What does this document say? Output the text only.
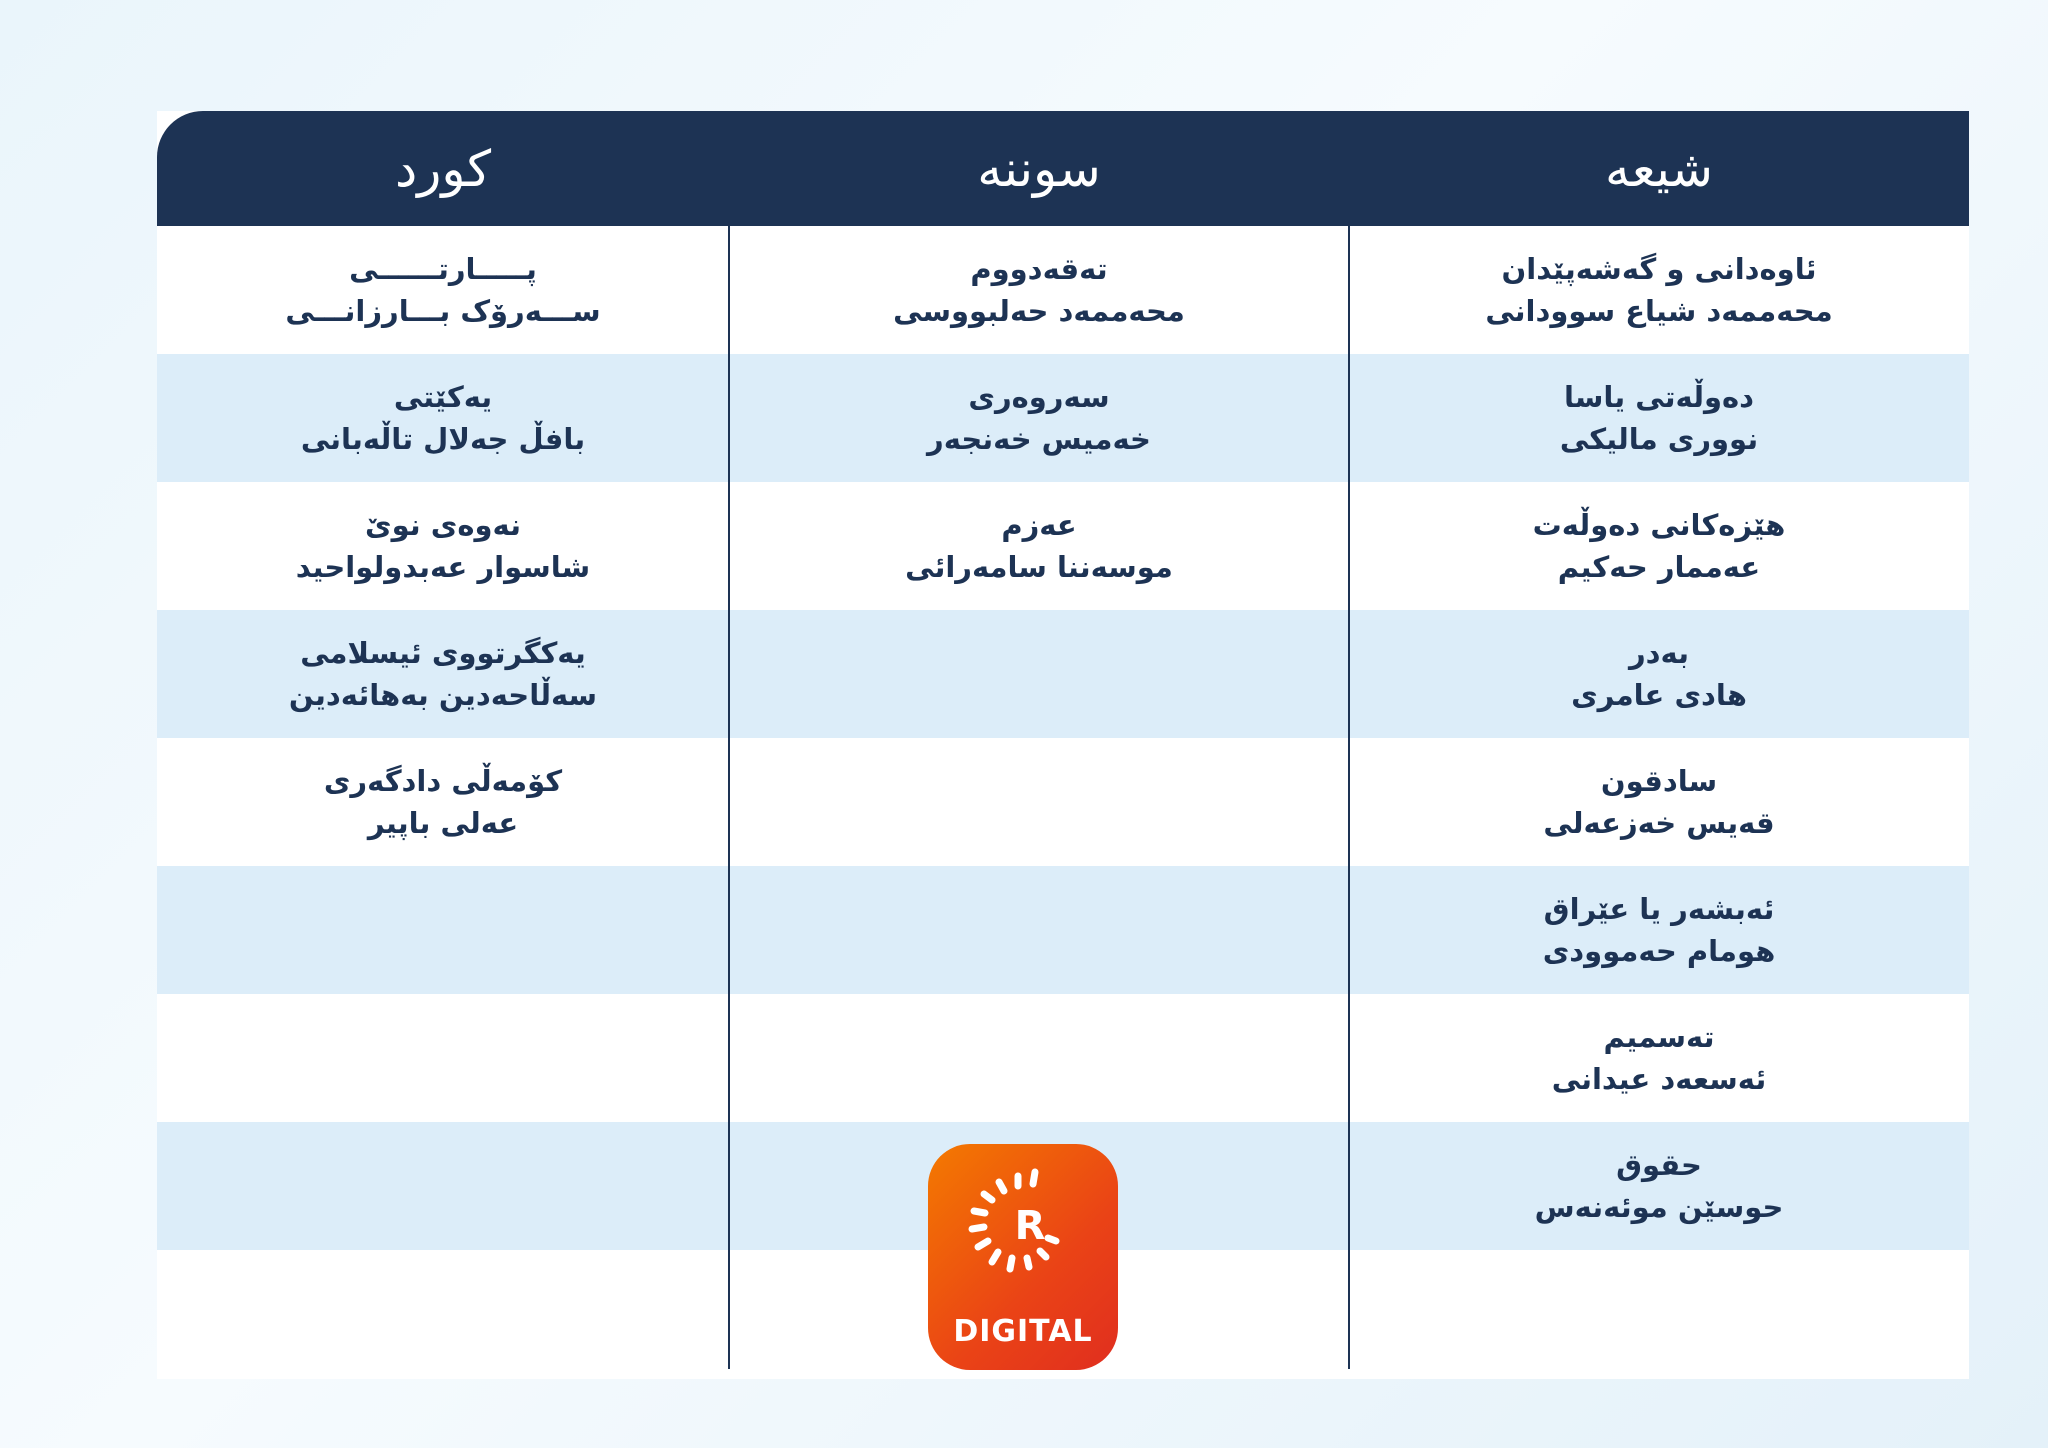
شیعە
سوننە
کورد
ئاوەدانی و گەشەپێدان
محەممەد شیاع سوودانی
تەقەدووم
محەممەد حەلبووسی
پـــــارتــــــی
ســـەرۆک بـــارزانـــی
دەوڵەتی یاسا
نووری مالیکی
سەروەری
خەمیس خەنجەر
یەکێتی
بافڵ جەلال تاڵەبانی
هێزەکانی دەوڵەت
عەممار حەکیم
عەزم
موسەننا سامەرائی
نەوەی نوێ
شاسوار عەبدولواحید
بەدر
هادی عامری
یەکگرتووی ئیسلامی
سەڵاحەدین بەهائەدین
سادقون
قەیس خەزعەلی
کۆمەڵی دادگەری
عەلی باپیر
ئەبشەر یا عێراق
هومام حەموودی
تەسمیم
ئەسعەد عیدانی
حقوق
حوسێن موئەنەس
R
DIGITAL
